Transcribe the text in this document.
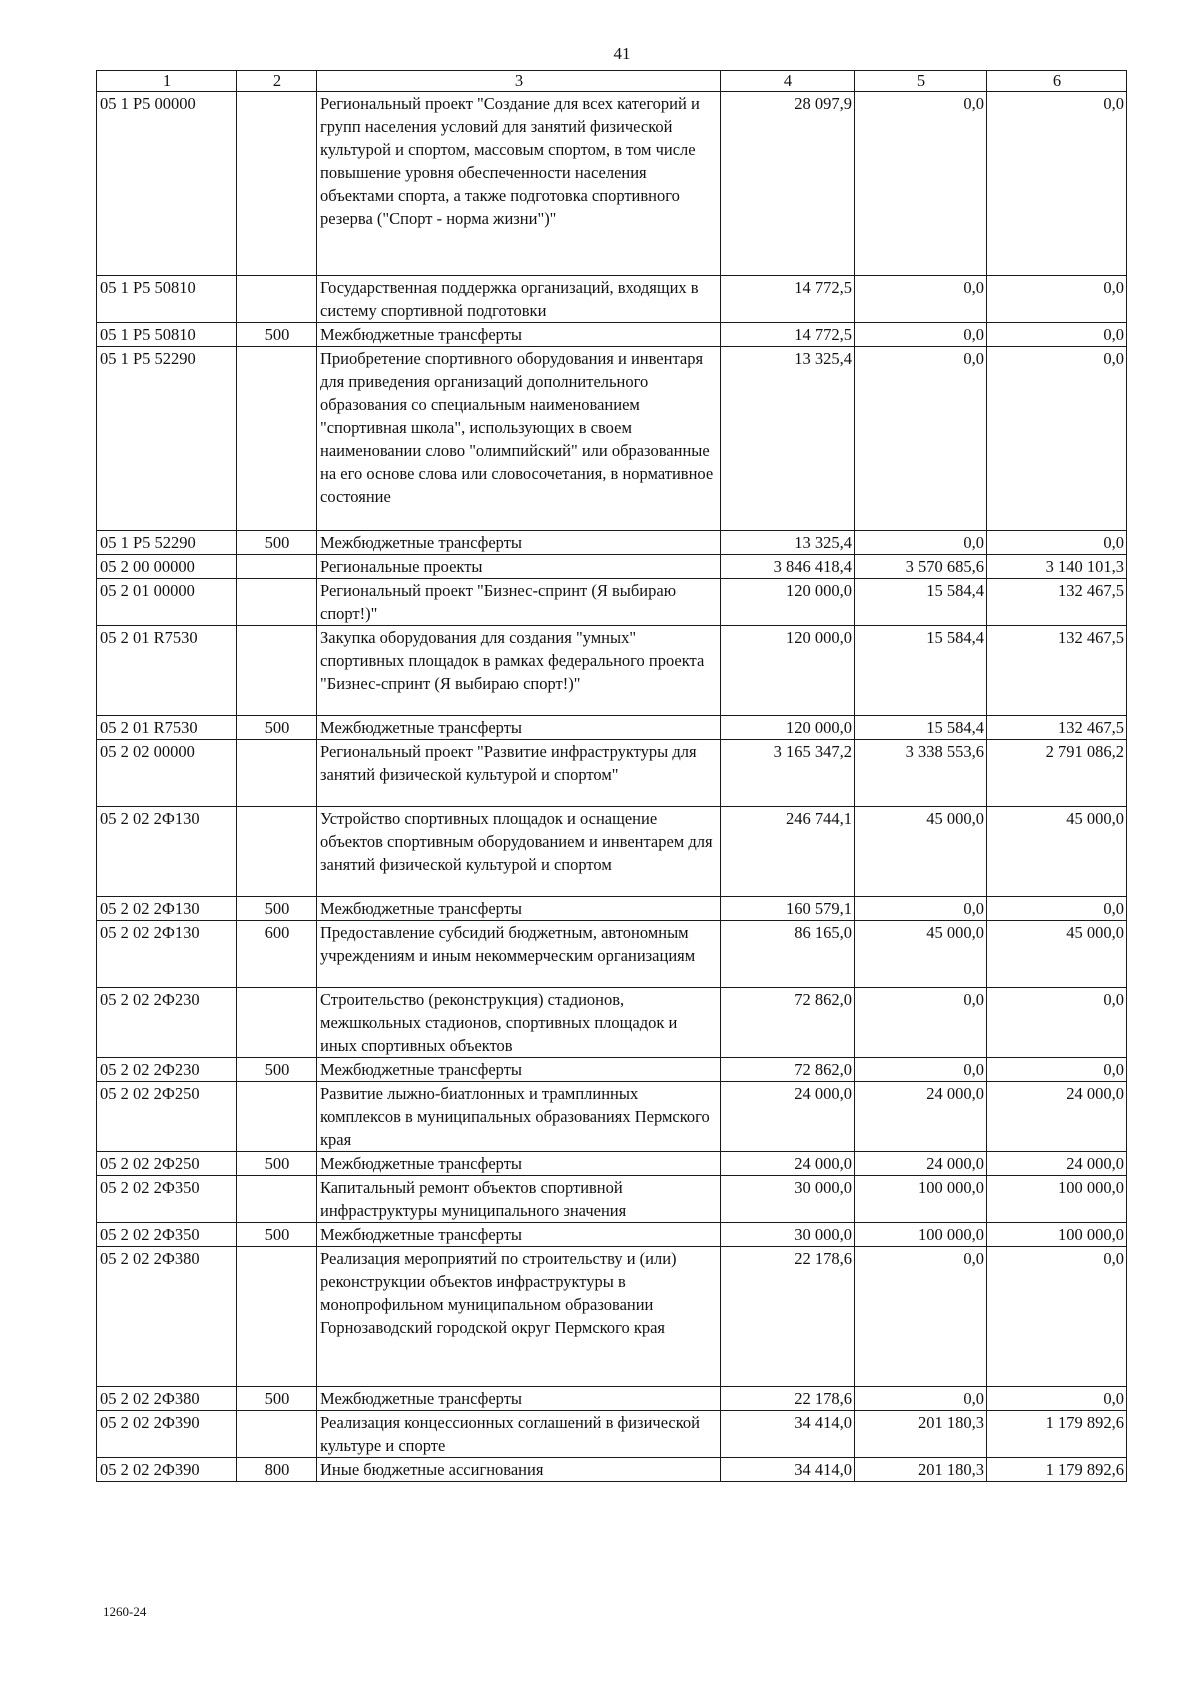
41
1	2	3	4	5	6
05 1 P5 00000		Региональный проект "Создание для всех категорий и групп населения условий для занятий физической культурой и спортом, массовым спортом, в том числе повышение уровня обеспеченности населения объектами спорта, а также подготовка спортивного резерва ("Спорт - норма жизни")"	28 097,9	0,0	0,0
05 1 P5 50810		Государственная поддержка организаций, входящих в систему спортивной подготовки	14 772,5	0,0	0,0
05 1 P5 50810	500	Межбюджетные трансферты	14 772,5	0,0	0,0
05 1 P5 52290		Приобретение спортивного оборудования и инвентаря для приведения организаций дополнительного образования со специальным наименованием "спортивная школа", использующих в своем наименовании слово "олимпийский" или образованные на его основе слова или словосочетания, в нормативное состояние	13 325,4	0,0	0,0
05 1 P5 52290	500	Межбюджетные трансферты	13 325,4	0,0	0,0
05 2 00 00000		Региональные проекты	3 846 418,4	3 570 685,6	3 140 101,3
05 2 01 00000		Региональный проект "Бизнес-спринт (Я выбираю спорт!)"	120 000,0	15 584,4	132 467,5
05 2 01 R7530		Закупка оборудования для создания "умных" спортивных площадок в рамках федерального проекта "Бизнес-спринт (Я выбираю спорт!)"	120 000,0	15 584,4	132 467,5
05 2 01 R7530	500	Межбюджетные трансферты	120 000,0	15 584,4	132 467,5
05 2 02 00000		Региональный проект "Развитие инфраструктуры для занятий физической культурой и спортом"	3 165 347,2	3 338 553,6	2 791 086,2
05 2 02 2Ф130		Устройство спортивных площадок и оснащение объектов спортивным оборудованием и инвентарем для занятий физической культурой и спортом	246 744,1	45 000,0	45 000,0
05 2 02 2Ф130	500	Межбюджетные трансферты	160 579,1	0,0	0,0
05 2 02 2Ф130	600	Предоставление субсидий бюджетным, автономным учреждениям и иным некоммерческим организациям	86 165,0	45 000,0	45 000,0
05 2 02 2Ф230		Строительство (реконструкция) стадионов, межшкольных стадионов, спортивных площадок и иных спортивных объектов	72 862,0	0,0	0,0
05 2 02 2Ф230	500	Межбюджетные трансферты	72 862,0	0,0	0,0
05 2 02 2Ф250		Развитие лыжно-биатлонных и трамплинных комплексов в муниципальных образованиях Пермского края	24 000,0	24 000,0	24 000,0
05 2 02 2Ф250	500	Межбюджетные трансферты	24 000,0	24 000,0	24 000,0
05 2 02 2Ф350		Капитальный ремонт объектов спортивной инфраструктуры муниципального значения	30 000,0	100 000,0	100 000,0
05 2 02 2Ф350	500	Межбюджетные трансферты	30 000,0	100 000,0	100 000,0
05 2 02 2Ф380		Реализация мероприятий по строительству и (или) реконструкции объектов инфраструктуры в монопрофильном муниципальном образовании Горнозаводский городской округ Пермского края	22 178,6	0,0	0,0
05 2 02 2Ф380	500	Межбюджетные трансферты	22 178,6	0,0	0,0
05 2 02 2Ф390		Реализация концессионных соглашений в физической культуре и спорте	34 414,0	201 180,3	1 179 892,6
05 2 02 2Ф390	800	Иные бюджетные ассигнования	34 414,0	201 180,3	1 179 892,6
1260-24
